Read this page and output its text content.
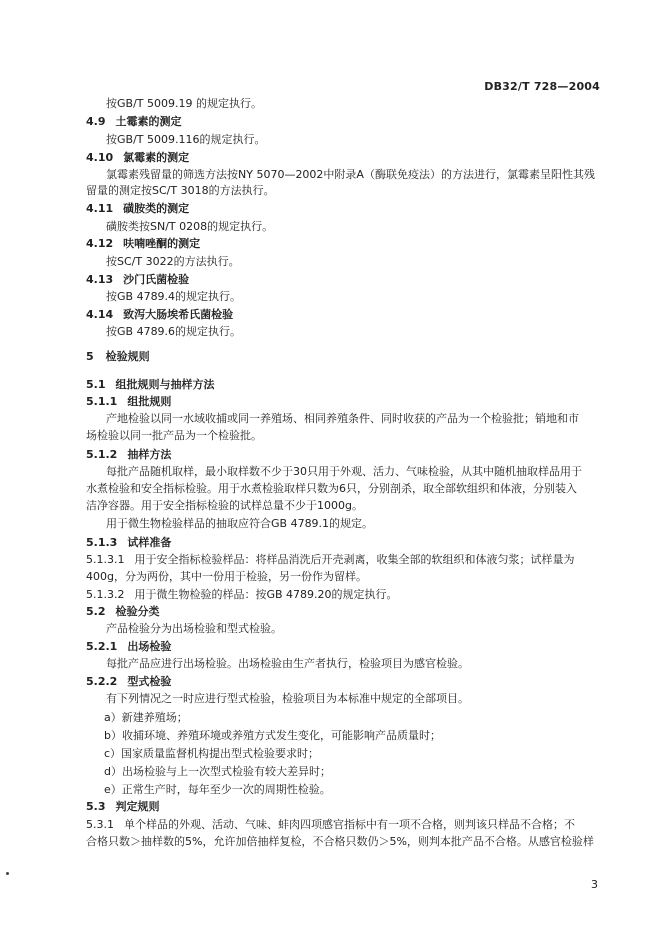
DB32/T 728—2004
按GB/T 5009.19 的规定执行。
4.9 土霉素的测定
按GB/T 5009.116的规定执行。
4.10 氯霉素的测定
氯霉素残留量的筛选方法按NY 5070—2002中附录A（酶联免疫法）的方法进行，氯霉素呈阳性其残
留量的测定按SC/T 3018的方法执行。
4.11 磺胺类的测定
磺胺类按SN/T 0208的规定执行。
4.12 呋喃唑酮的测定
按SC/T 3022的方法执行。
4.13 沙门氏菌检验
按GB 4789.4的规定执行。
4.14 致泻大肠埃希氏菌检验
按GB 4789.6的规定执行。
5 检验规则
5.1 组批规则与抽样方法
5.1.1 组批规则
产地检验以同一水域收捕或同一养殖场、相同养殖条件、同时收获的产品为一个检验批；销地和市
场检验以同一批产品为一个检验批。
5.1.2 抽样方法
每批产品随机取样，最小取样数不少于30只用于外观、活力、气味检验，从其中随机抽取样品用于
水煮检验和安全指标检验。用于水煮检验取样只数为6只，分别剖杀，取全部软组织和体液，分别装入
洁净容器。用于安全指标检验的试样总量不少于1000g。
用于微生物检验样品的抽取应符合GB 4789.1的规定。
5.1.3 试样准备
5.1.3.1 用于安全指标检验样品：将样品消洗后开壳剥离，收集全部的软组织和体液匀浆；试样量为
400g，分为两份，其中一份用于检验，另一份作为留样。
5.1.3.2 用于微生物检验的样品：按GB 4789.20的规定执行。
5.2 检验分类
产品检验分为出场检验和型式检验。
5.2.1 出场检验
每批产品应进行出场检验。出场检验由生产者执行，检验项目为感官检验。
5.2.2 型式检验
有下列情况之一时应进行型式检验，检验项目为本标准中规定的全部项目。
a）新建养殖场；
b）收捕环境、养殖环境或养殖方式发生变化，可能影响产品质量时；
c）国家质量监督机构提出型式检验要求时；
d）出场检验与上一次型式检验有较大差异时；
e）正常生产时，每年至少一次的周期性检验。
5.3 判定规则
5.3.1 单个样品的外观、活动、气味、蚌肉四项感官指标中有一项不合格，则判该只样品不合格；不
合格只数＞抽样数的5%，允许加倍抽样复检，不合格只数仍＞5%，则判本批产品不合格。从感官检验样
3
